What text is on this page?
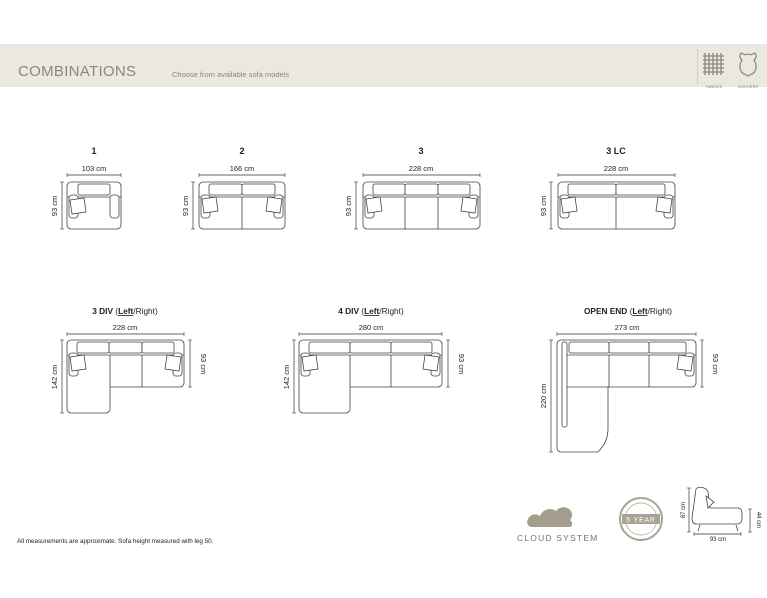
COMBINATIONS	Choose from available sofa models
FABRICS	LEATHERS
1
103 cm
93 cm
2
166 cm
93 cm
3
228 cm
93 cm
3 LC
228 cm
93 cm
3 DIV (Left/Right)
228 cm
142 cm
93 cm
4 DIV (Left/Right)
280 cm
142 cm
93 cm
OPEN END (Left/Right)
273 cm
220 cm
93 cm
5 YEAR
87 cm
44 cm
93 cm
All measurements are approximate. Sofa height measured with leg 50.	CLOUD SYSTEM
